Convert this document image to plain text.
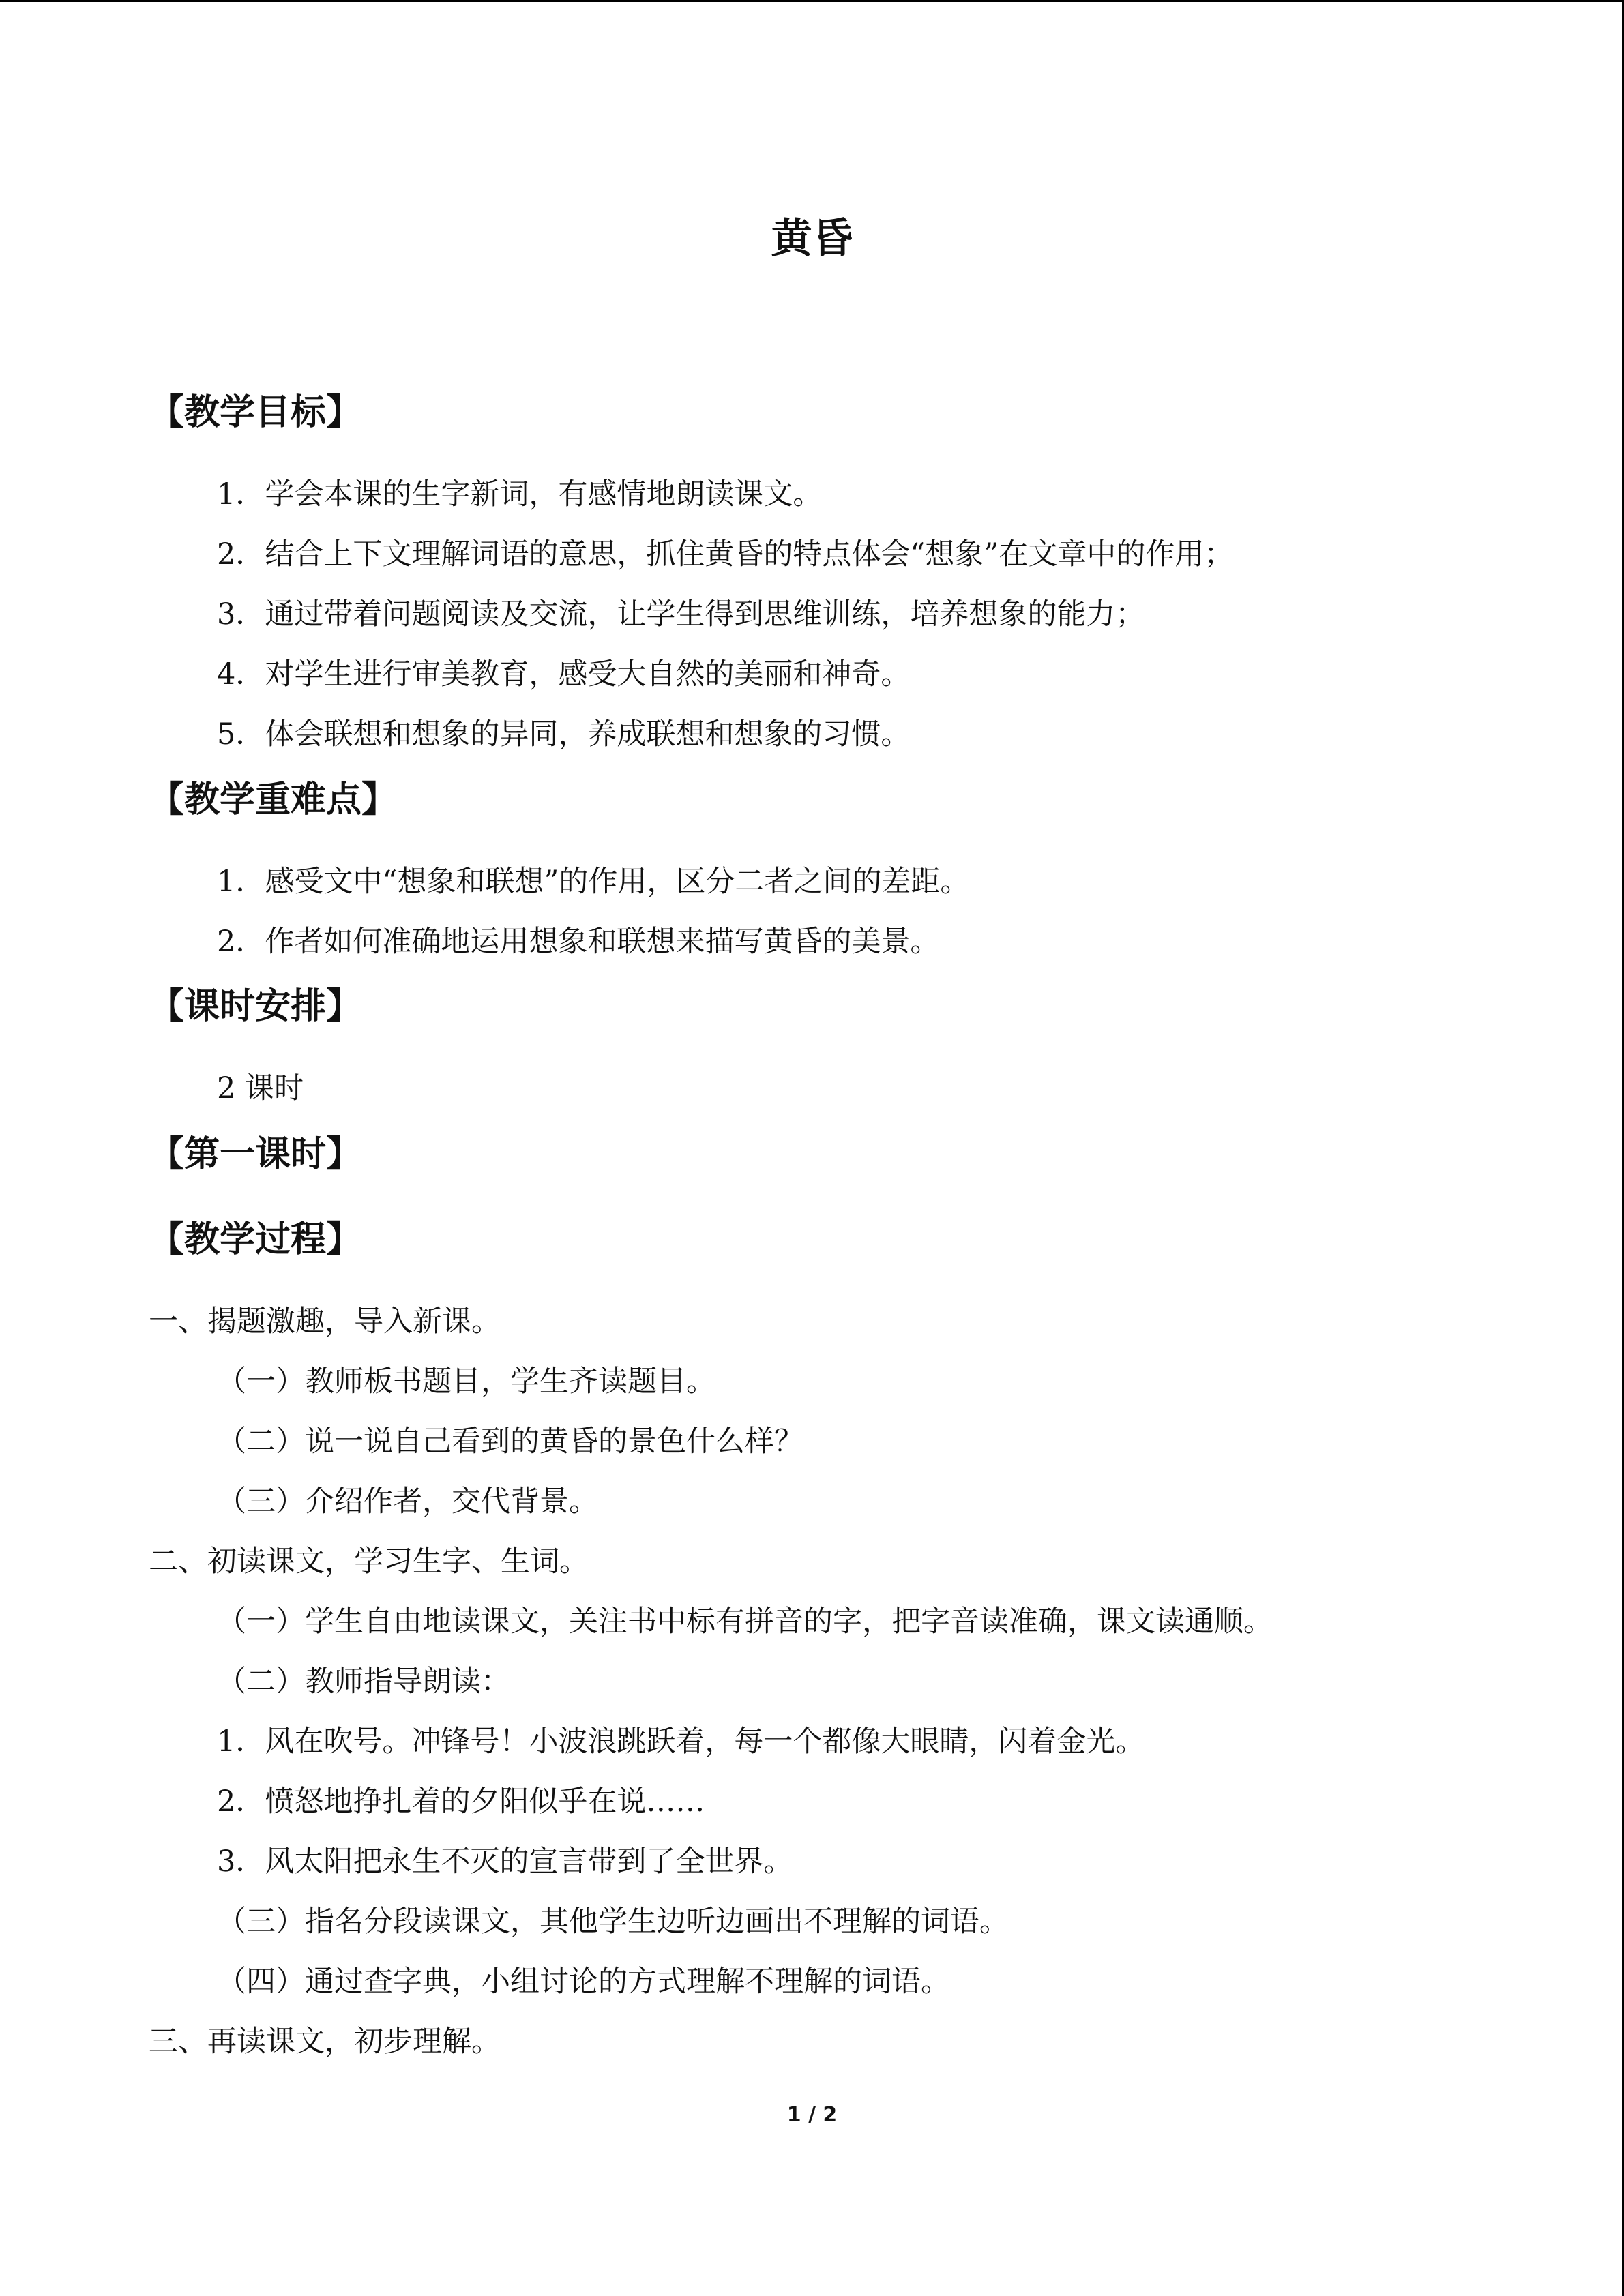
黄昏
【教学目标】
1．学会本课的生字新词，有感情地朗读课文。
2．结合上下文理解词语的意思，抓住黄昏的特点体会“想象”在文章中的作用；
3．通过带着问题阅读及交流，让学生得到思维训练，培养想象的能力；
4．对学生进行审美教育，感受大自然的美丽和神奇。
5．体会联想和想象的异同，养成联想和想象的习惯。
【教学重难点】
1．感受文中“想象和联想”的作用，区分二者之间的差距。
2．作者如何准确地运用想象和联想来描写黄昏的美景。
【课时安排】
2 课时
【第一课时】
【教学过程】
一、揭题激趣，导入新课。
（一）教师板书题目，学生齐读题目。
（二）说一说自己看到的黄昏的景色什么样？
（三）介绍作者，交代背景。
二、初读课文，学习生字、生词。
（一）学生自由地读课文，关注书中标有拼音的字，把字音读准确，课文读通顺。
（二）教师指导朗读：
1．风在吹号。冲锋号！小波浪跳跃着，每一个都像大眼睛，闪着金光。
2．愤怒地挣扎着的夕阳似乎在说……
3．风太阳把永生不灭的宣言带到了全世界。
（三）指名分段读课文，其他学生边听边画出不理解的词语。
（四）通过查字典，小组讨论的方式理解不理解的词语。
三、再读课文，初步理解。
1 / 2
